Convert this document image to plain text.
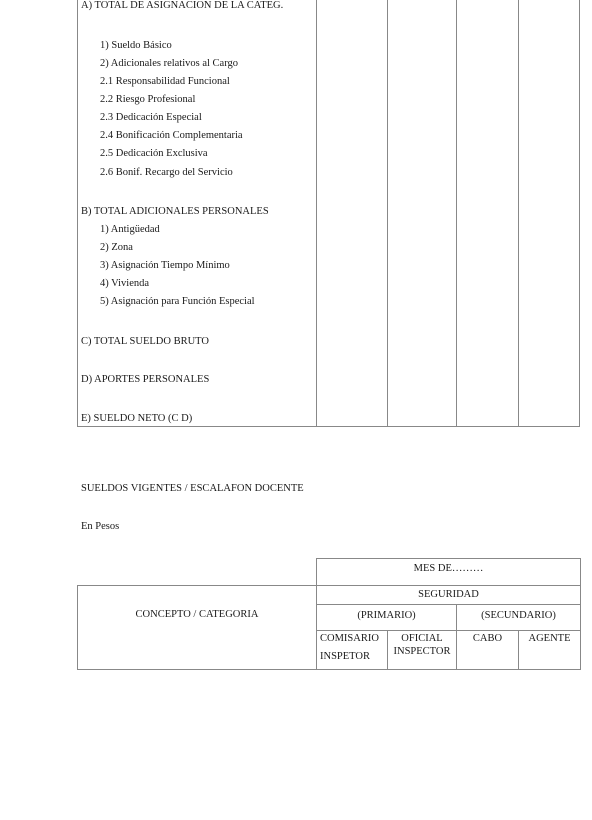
A) TOTAL DE ASIGNACION DE LA CATEG.
1) Sueldo Básico
2) Adicionales relativos al Cargo
2.1 Responsabilidad Funcional
2.2 Riesgo Profesional
2.3 Dedicación Especial
2.4 Bonificación Complementaria
2.5 Dedicación Exclusiva
2.6 Bonif. Recargo del Servicio
B) TOTAL ADICIONALES PERSONALES
1) Antigüedad
2) Zona
3) Asignación Tiempo Mínimo
4) Vivienda
5) Asignación para Función Especial
C) TOTAL SUELDO BRUTO
D) APORTES PERSONALES
E) SUELDO NETO (C D)
SUELDOS VIGENTES / ESCALAFON DOCENTE
En Pesos
MES DE………
CONCEPTO / CATEGORIA
SEGURIDAD
(PRIMARIO)	(SECUNDARIO)
COMISARIO
INSPETOR
OFICIAL
INSPECTOR
CABO	AGENTE
